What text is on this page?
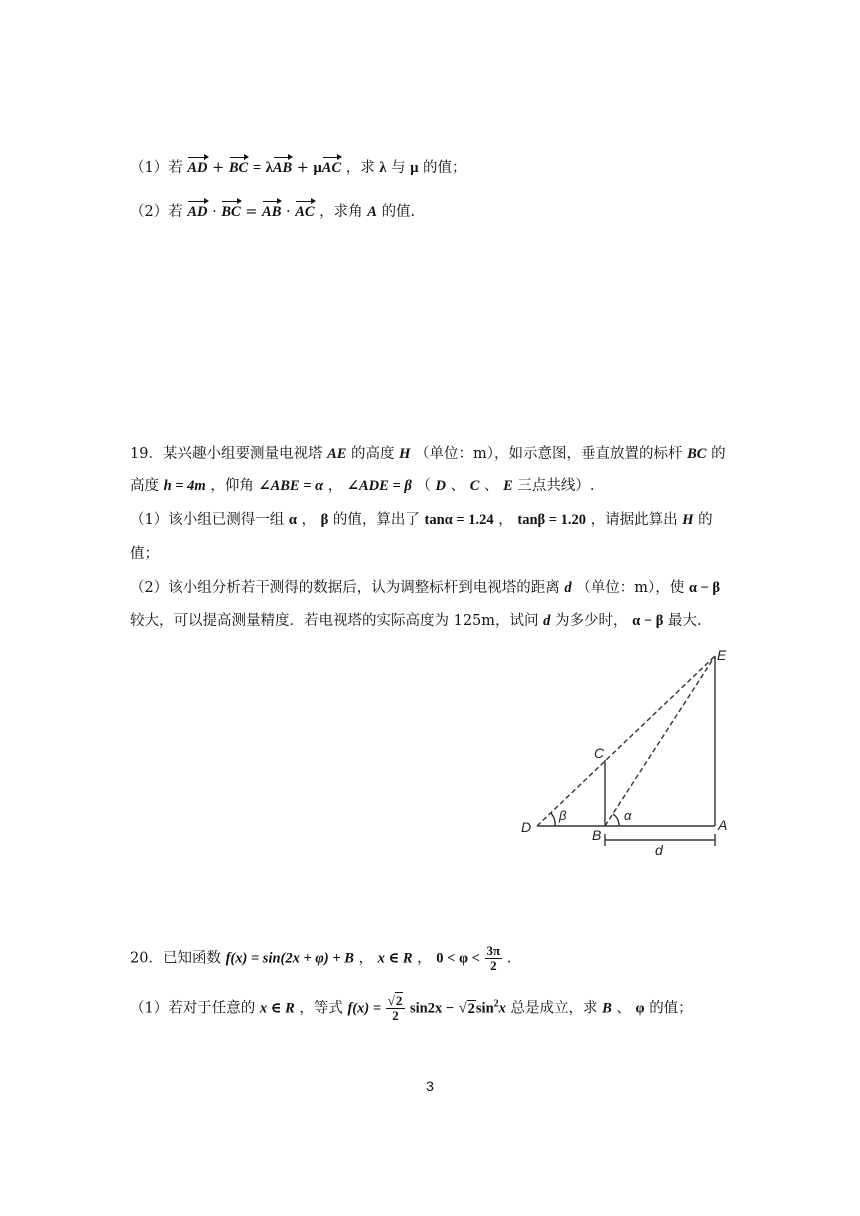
（1）若 AD + BC = λAB + μAC ，求 λ 与 μ 的值；
（2）若 AD · BC = AB · AC ，求角 A 的值.
19．某兴趣小组要测量电视塔 AE 的高度 H （单位：m），如示意图，垂直放置的标杆 BC 的
高度 h = 4m ，仰角 ∠ABE = α ， ∠ADE = β （ D 、 C 、 E 三点共线）.
（1）该小组已测得一组 α ， β 的值，算出了 tanα = 1.24 ， tanβ = 1.20 ，请据此算出 H 的
值；
（2）该小组分析若干测得的数据后，认为调整标杆到电视塔的距离 d （单位：m），使 α − β
较大，可以提高测量精度．若电视塔的实际高度为 125m，试问 d 为多少时， α − β 最大.
E
C
D	B
A
α
β
d
20．已知函数 f(x) = sin(2x + φ) + B ， x ∈ R ， $0 < \varphi < \frac{3\pi}{2}$ .
（1）若对于任意的 x ∈ R ，等式 $f(x) = \frac{√2}{2} \sin 2x - √2\sin^2x$ 总是成立，求 B 、 φ 的值；
3
